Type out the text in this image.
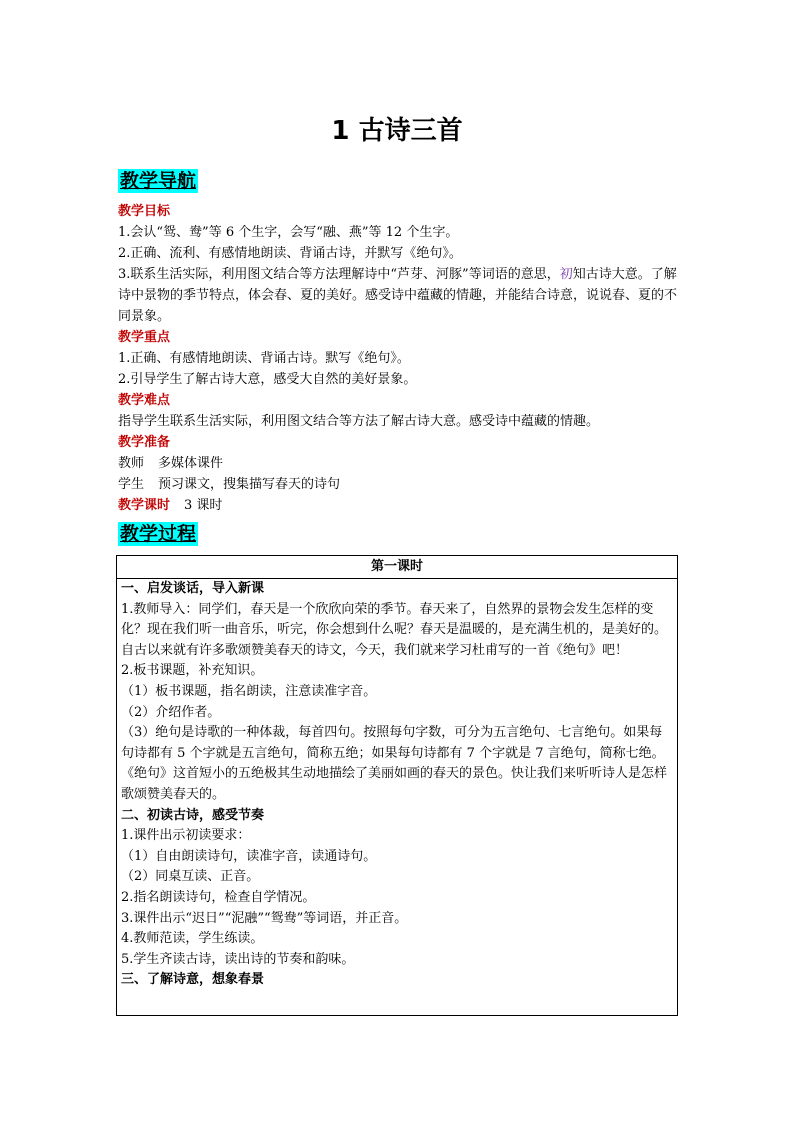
1 古诗三首
教学导航
教学目标
1.会认“鸳、鸯”等 6 个生字，会写“融、燕”等 12 个生字。
2.正确、流利、有感情地朗读、背诵古诗，并默写《绝句》。
3.联系生活实际，利用图文结合等方法理解诗中“芦芽、河豚”等词语的意思，初知古诗大意。了解诗中景物的季节特点，体会春、夏的美好。感受诗中蕴藏的情趣，并能结合诗意，说说春、夏的不同景象。
教学重点
1.正确、有感情地朗读、背诵古诗。默写《绝句》。
2.引导学生了解古诗大意，感受大自然的美好景象。
教学难点
指导学生联系生活实际，利用图文结合等方法了解古诗大意。感受诗中蕴藏的情趣。
教学准备
教师 多媒体课件
学生 预习课文，搜集描写春天的诗句
教学课时 3 课时
教学过程
第一课时
一、启发谈话，导入新课
1.教师导入：同学们，春天是一个欣欣向荣的季节。春天来了，自然界的景物会发生怎样的变化？现在我们听一曲音乐，听完，你会想到什么呢？春天是温暖的，是充满生机的，是美好的。自古以来就有许多歌颂赞美春天的诗文，今天，我们就来学习杜甫写的一首《绝句》吧！
2.板书课题，补充知识。
（1）板书课题，指名朗读，注意读准字音。
（2）介绍作者。
（3）绝句是诗歌的一种体裁，每首四句。按照每句字数，可分为五言绝句、七言绝句。如果每句诗都有 5 个字就是五言绝句，简称五绝；如果每句诗都有 7 个字就是 7 言绝句，简称七绝。《绝句》这首短小的五绝极其生动地描绘了美丽如画的春天的景色。快让我们来听听诗人是怎样歌颂赞美春天的。
二、初读古诗，感受节奏
1.课件出示初读要求：
（1）自由朗读诗句，读准字音，读通诗句。
（2）同桌互读、正音。
2.指名朗读诗句，检查自学情况。
3.课件出示“迟日”“泥融”“鸳鸯”等词语，并正音。
4.教师范读，学生练读。
5.学生齐读古诗，读出诗的节奏和韵味。
三、了解诗意，想象春景
